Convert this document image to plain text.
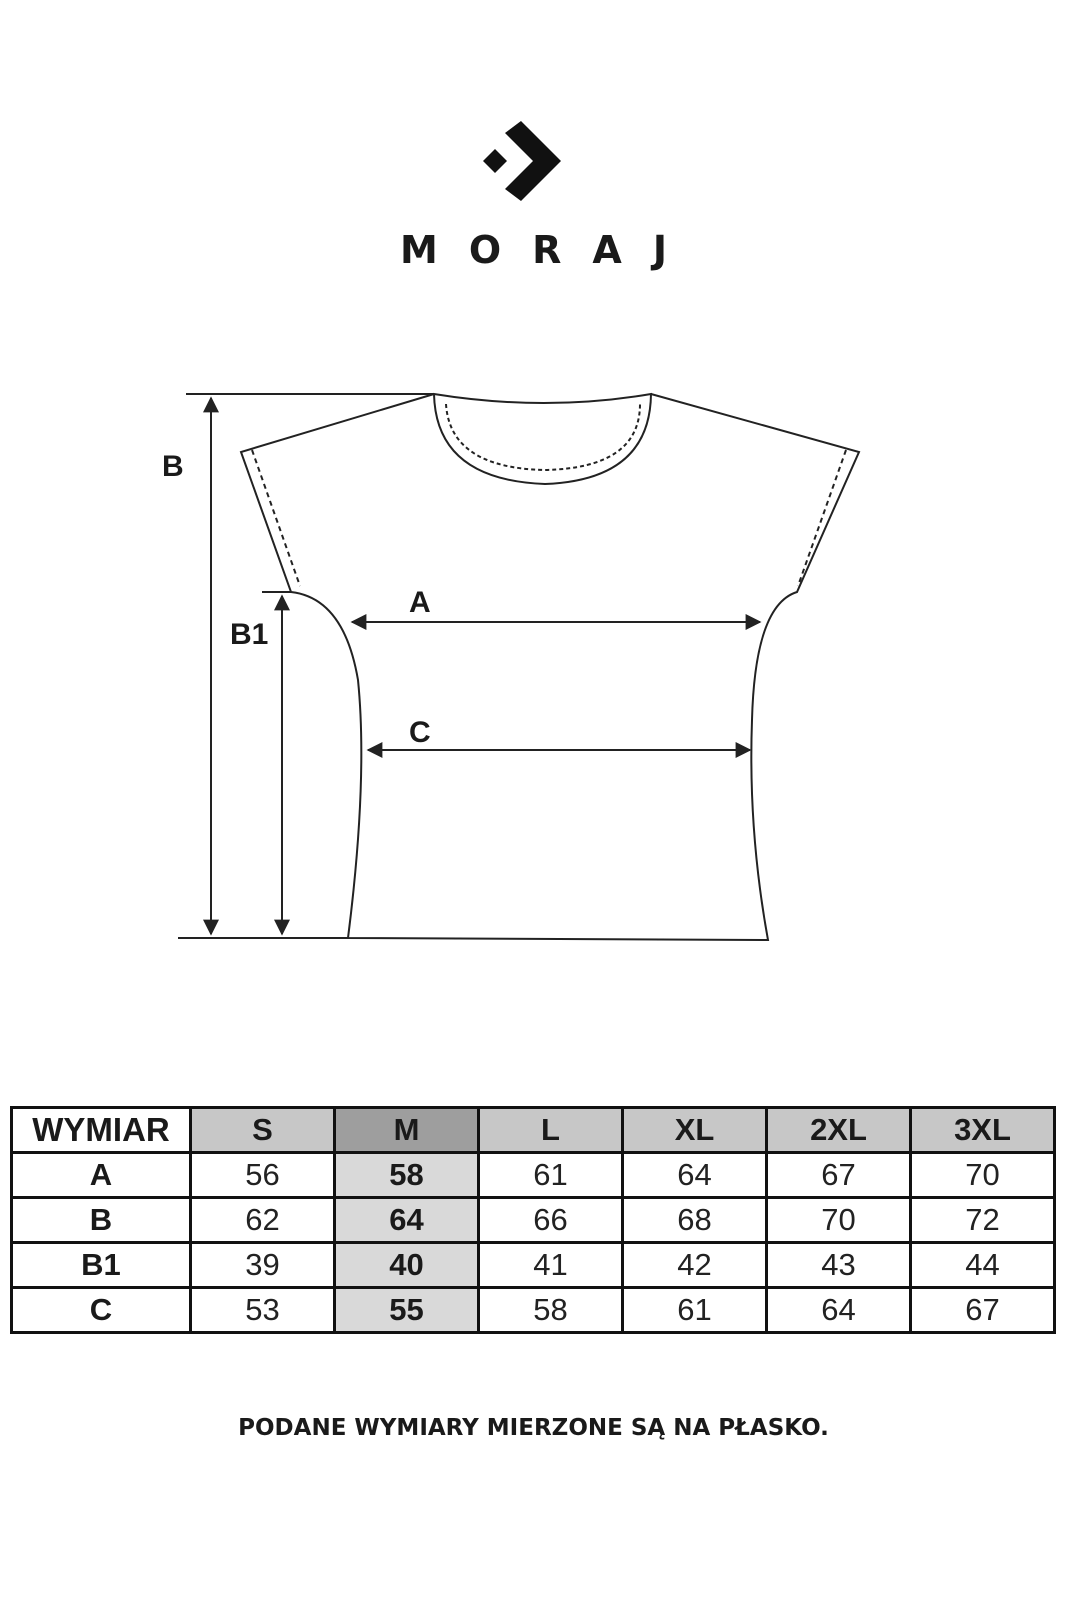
MORAJ
B
B1
A
C
WYMIAR	S	M	L	XL	2XL	3XL
A	56	58	61	64	67	70
B	62	64	66	68	70	72
B1	39	40	41	42	43	44
C	53	55	58	61	64	67
PODANE WYMIARY MIERZONE SĄ NA PŁASKO.
